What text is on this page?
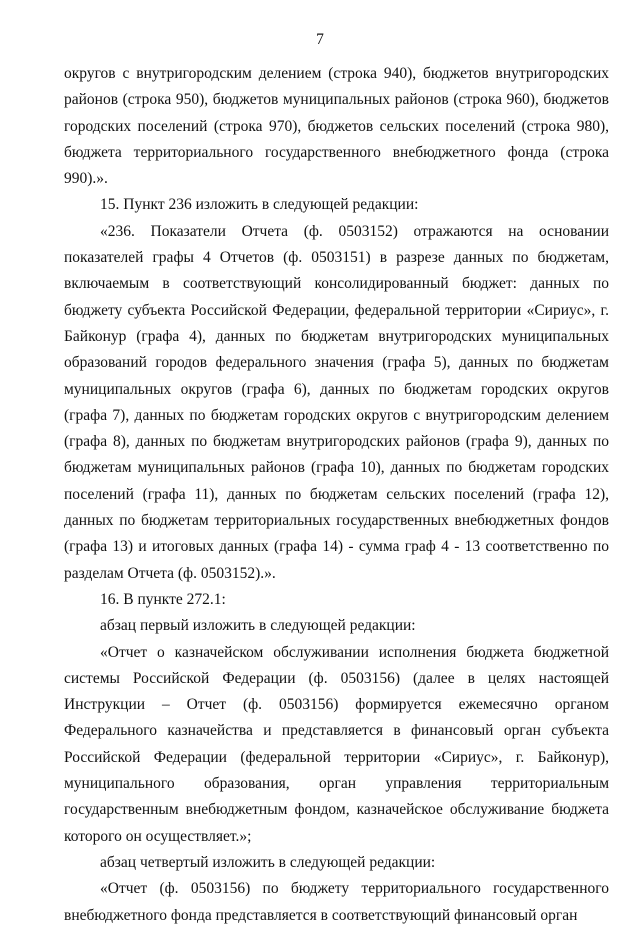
7

округов с внутригородским делением (строка 940), бюджетов внутригородских районов (строка 950), бюджетов муниципальных районов (строка 960), бюджетов городских поселений (строка 970), бюджетов сельских поселений (строка 980), бюджета территориального государственного внебюджетного фонда (строка 990).».

15. Пункт 236 изложить в следующей редакции:

«236. Показатели Отчета (ф. 0503152) отражаются на основании показателей графы 4 Отчетов (ф. 0503151) в разрезе данных по бюджетам, включаемым в соответствующий консолидированный бюджет: данных по бюджету субъекта Российской Федерации, федеральной территории «Сириус», г. Байконур (графа 4), данных по бюджетам внутригородских муниципальных образований городов федерального значения (графа 5), данных по бюджетам муниципальных округов (графа 6), данных по бюджетам городских округов (графа 7), данных по бюджетам городских округов с внутригородским делением (графа 8), данных по бюджетам внутригородских районов (графа 9), данных по бюджетам муниципальных районов (графа 10), данных по бюджетам городских поселений (графа 11), данных по бюджетам сельских поселений (графа 12), данных по бюджетам территориальных государственных внебюджетных фондов (графа 13) и итоговых данных (графа 14) - сумма граф 4 - 13 соответственно по разделам Отчета (ф. 0503152).».

16. В пункте 272.1:

абзац первый изложить в следующей редакции:

«Отчет о казначейском обслуживании исполнения бюджета бюджетной системы Российской Федерации (ф. 0503156) (далее в целях настоящей Инструкции – Отчет (ф. 0503156) формируется ежемесячно органом Федерального казначейства и представляется в финансовый орган субъекта Российской Федерации (федеральной территории «Сириус», г. Байконур), муниципального образования, орган управления территориальным государственным внебюджетным фондом, казначейское обслуживание бюджета которого он осуществляет.»;

абзац четвертый изложить в следующей редакции:

«Отчет (ф. 0503156) по бюджету территориального государственного внебюджетного фонда представляется в соответствующий финансовый орган
